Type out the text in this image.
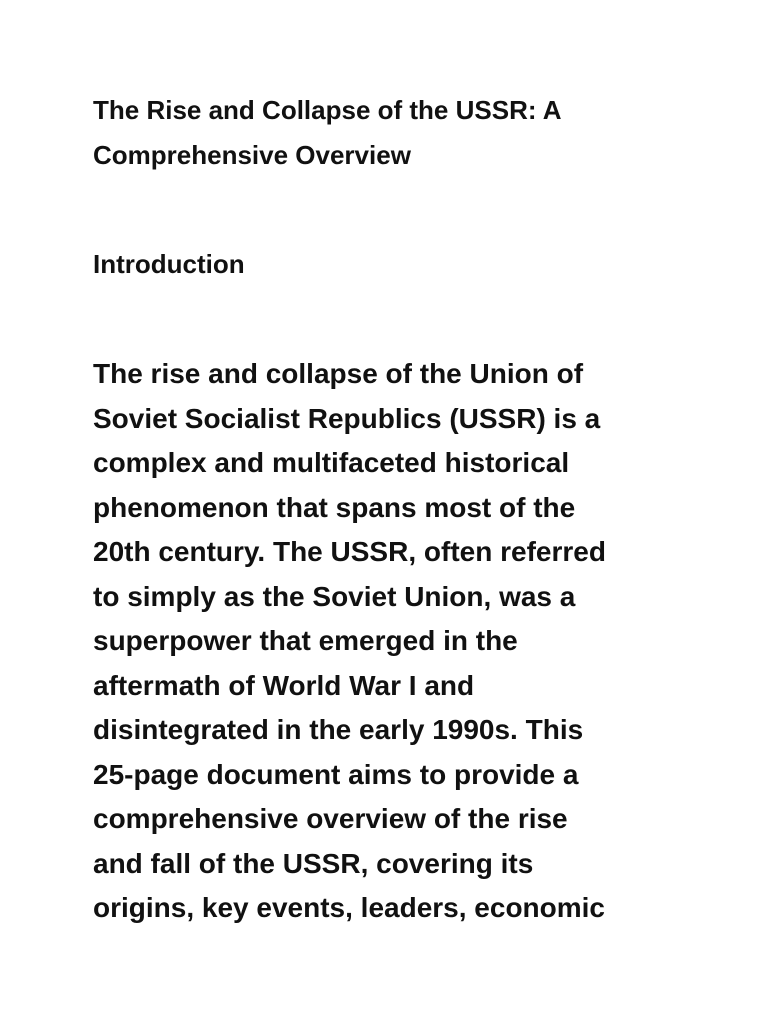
The Rise and Collapse of the USSR: A
Comprehensive Overview
Introduction

The rise and collapse of the Union of
Soviet Socialist Republics (USSR) is a
complex and multifaceted historical
phenomenon that spans most of the
20th century. The USSR, often referred
to simply as the Soviet Union, was a
superpower that emerged in the
aftermath of World War I and
disintegrated in the early 1990s. This
25-page document aims to provide a
comprehensive overview of the rise
and fall of the USSR, covering its
origins, key events, leaders, economic
